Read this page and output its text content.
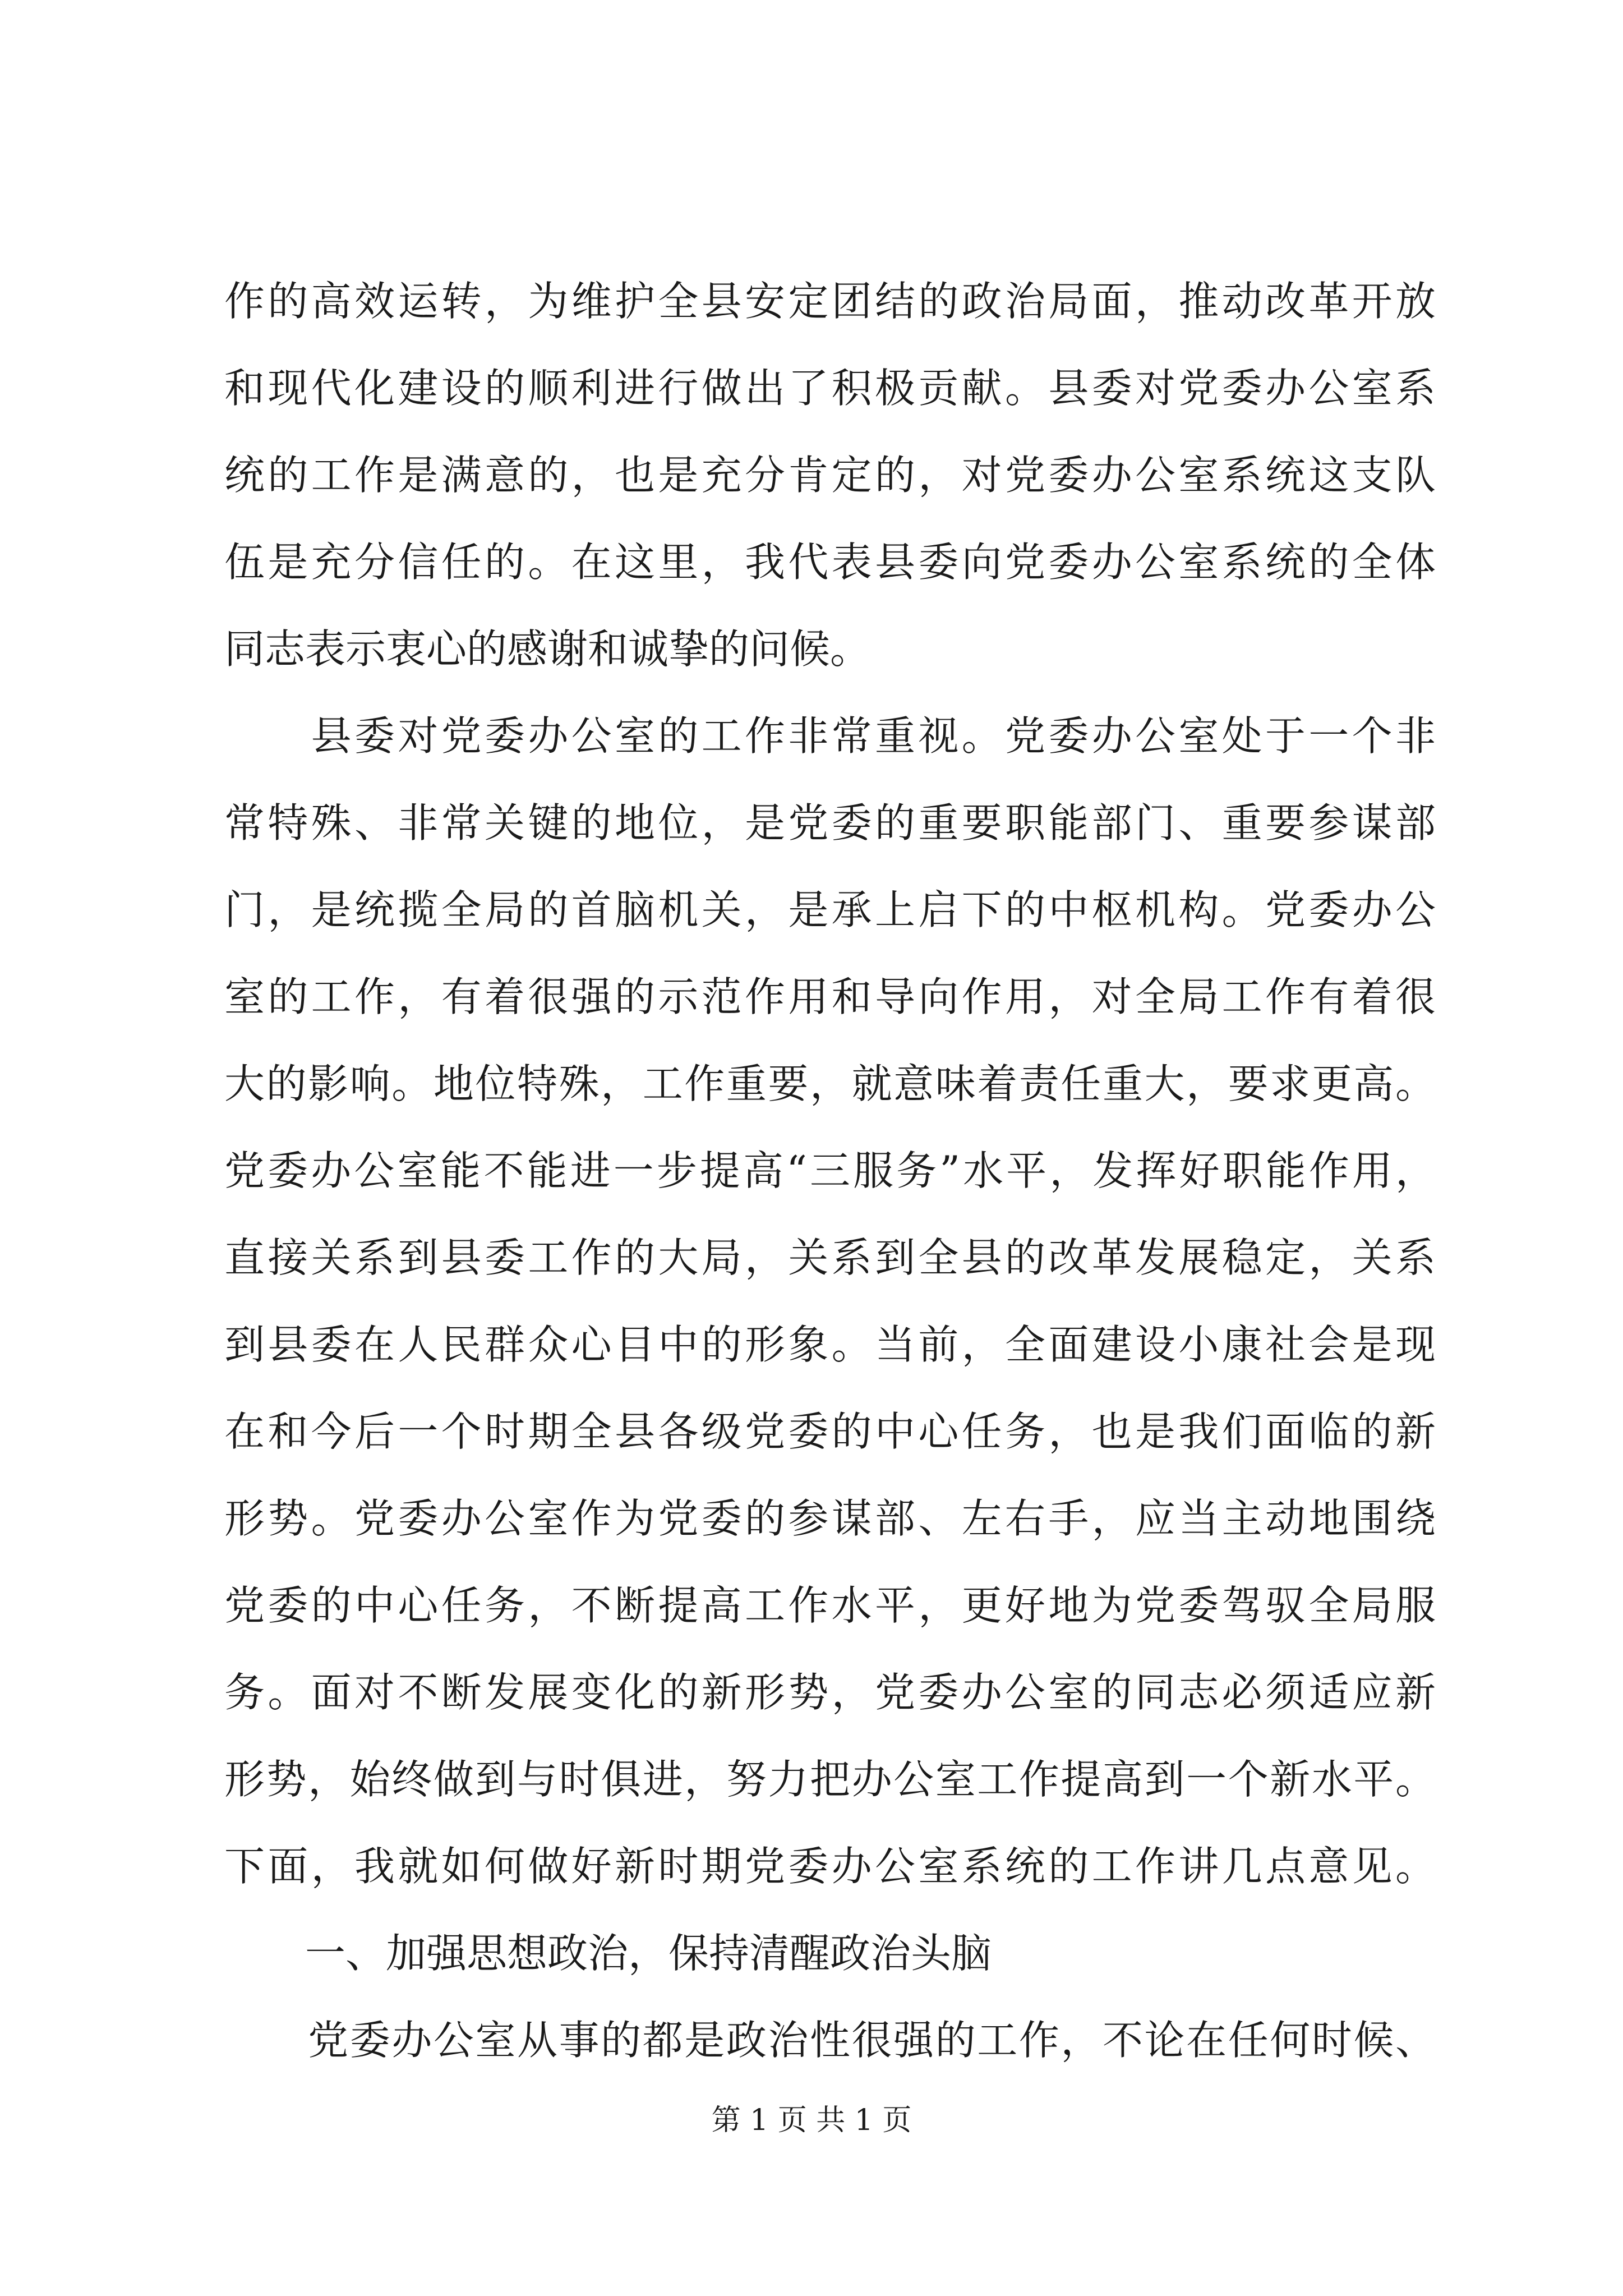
作的高效运转，为维护全县安定团结的政治局面，推动改革开放
和现代化建设的顺利进行做出了积极贡献。县委对党委办公室系
统的工作是满意的，也是充分肯定的，对党委办公室系统这支队
伍是充分信任的。在这里，我代表县委向党委办公室系统的全体
同志表示衷心的感谢和诚挚的问候。
　　县委对党委办公室的工作非常重视。党委办公室处于一个非
常特殊、非常关键的地位，是党委的重要职能部门、重要参谋部
门，是统揽全局的首脑机关，是承上启下的中枢机构。党委办公
室的工作，有着很强的示范作用和导向作用，对全局工作有着很
大的影响。地位特殊，工作重要，就意味着责任重大，要求更高。
党委办公室能不能进一步提高“三服务”水平，发挥好职能作用，
直接关系到县委工作的大局，关系到全县的改革发展稳定，关系
到县委在人民群众心目中的形象。当前，全面建设小康社会是现
在和今后一个时期全县各级党委的中心任务，也是我们面临的新
形势。党委办公室作为党委的参谋部、左右手，应当主动地围绕
党委的中心任务，不断提高工作水平，更好地为党委驾驭全局服
务。面对不断发展变化的新形势，党委办公室的同志必须适应新
形势，始终做到与时俱进，努力把办公室工作提高到一个新水平。
下面，我就如何做好新时期党委办公室系统的工作讲几点意见。
　　一、加强思想政治，保持清醒政治头脑
　　党委办公室从事的都是政治性很强的工作，不论在任何时候、
第 1 页 共 1 页
